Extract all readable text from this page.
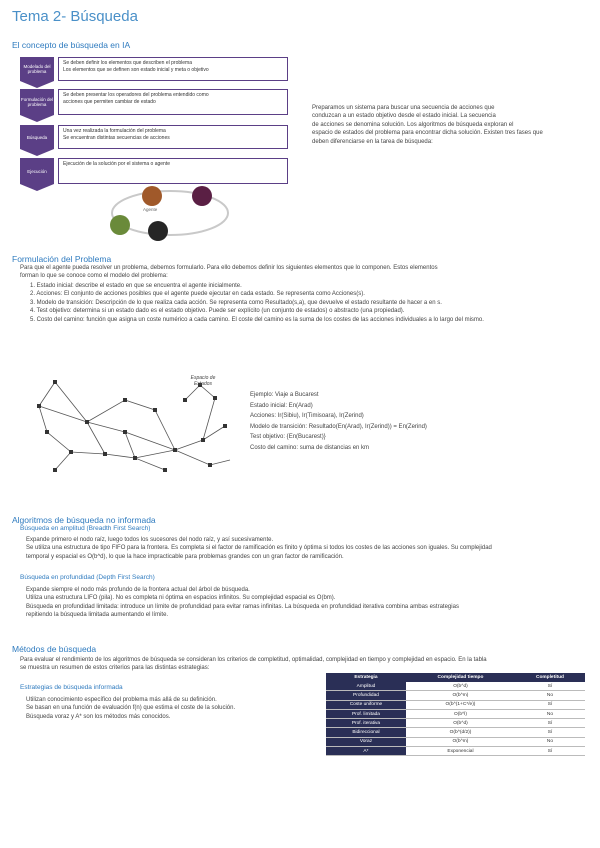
Tema 2- Búsqueda
El concepto de búsqueda en IA
Modelado del problema
Se deben definir los elementos que describen el problema
Los elementos que se definen son estado inicial y meta o objetivo
Formulación del problema
Se deben presentar los operadores del problema entendido como
acciones que permiten cambiar de estado
Búsqueda
Una vez realizada la formulación del problema
Se encuentran distintas secuencias de acciones
Ejecución
Ejecución de la solución por el sistema o agente
Agente
Preparamos un sistema para buscar una secuencia de acciones que
conduzcan a un estado objetivo desde el estado inicial. La secuencia
de acciones se denomina solución. Los algoritmos de búsqueda exploran el
espacio de estados del problema para encontrar dicha solución. Existen tres fases que
deben diferenciarse en la tarea de búsqueda:
Formulación del Problema
Para que el agente pueda resolver un problema, debemos formularlo. Para ello debemos definir los siguientes elementos que lo componen. Estos elementos
forman lo que se conoce como el modelo del problema:
1. Estado inicial: describe el estado en que se encuentra el agente inicialmente.
2. Acciones: El conjunto de acciones posibles que el agente puede ejecutar en cada estado. Se representa como Acciones(s).
3. Modelo de transición: Descripción de lo que realiza cada acción. Se representa como Resultado(s,a), que devuelve el estado resultante de hacer a en s.
4. Test objetivo: determina si un estado dado es el estado objetivo. Puede ser explícito (un conjunto de estados) o abstracto (una propiedad).
5. Costo del camino: función que asigna un coste numérico a cada camino. El coste del camino es la suma de los costes de las acciones individuales a lo largo del mismo.
Espacio de Estados
Ejemplo: Viaje a Bucarest
Estado inicial: En(Arad)
Acciones: Ir(Sibiu), Ir(Timisoara), Ir(Zerind)
Modelo de transición: Resultado(En(Arad), Ir(Zerind)) = En(Zerind)
Test objetivo: {En(Bucarest)}
Costo del camino: suma de distancias en km
Algoritmos de búsqueda no informada
Búsqueda en amplitud (Breadth First Search)
Expande primero el nodo raíz, luego todos los sucesores del nodo raíz, y así sucesivamente.
Se utiliza una estructura de tipo FIFO para la frontera. Es completa si el factor de ramificación es finito y óptima si todos los costes de las acciones son iguales. Su complejidad
temporal y espacial es O(b^d), lo que la hace impracticable para problemas grandes con un gran factor de ramificación.
Búsqueda en profundidad (Depth First Search)
Expande siempre el nodo más profundo de la frontera actual del árbol de búsqueda.
Utiliza una estructura LIFO (pila). No es completa ni óptima en espacios infinitos. Su complejidad espacial es O(bm).
Búsqueda en profundidad limitada: introduce un límite de profundidad para evitar ramas infinitas. La búsqueda en profundidad iterativa combina ambas estrategias
repitiendo la búsqueda limitada aumentando el límite.
Métodos de búsqueda
Para evaluar el rendimiento de los algoritmos de búsqueda se consideran los criterios de completitud, optimalidad, complejidad en tiempo y complejidad en espacio. En la tabla
se muestra un resumen de estos criterios para las distintas estrategias:
Estrategias de búsqueda informada
Utilizan conocimiento específico del problema más allá de su definición.
Se basan en una función de evaluación f(n) que estima el coste de la solución.
Búsqueda voraz y A* son los métodos más conocidos.
Estrategia	Complejidad tiempo	Completitud
Amplitud	O(b^d)	Sí
Profundidad	O(b^m)	No
Coste uniforme	O(b^(1+C*/e))	Sí
Prof. limitada	O(b^l)	No
Prof. iterativa	O(b^d)	Sí
Bidireccional	O(b^(d/2))	Sí
Voraz	O(b^m)	No
A*	Exponencial	Sí
